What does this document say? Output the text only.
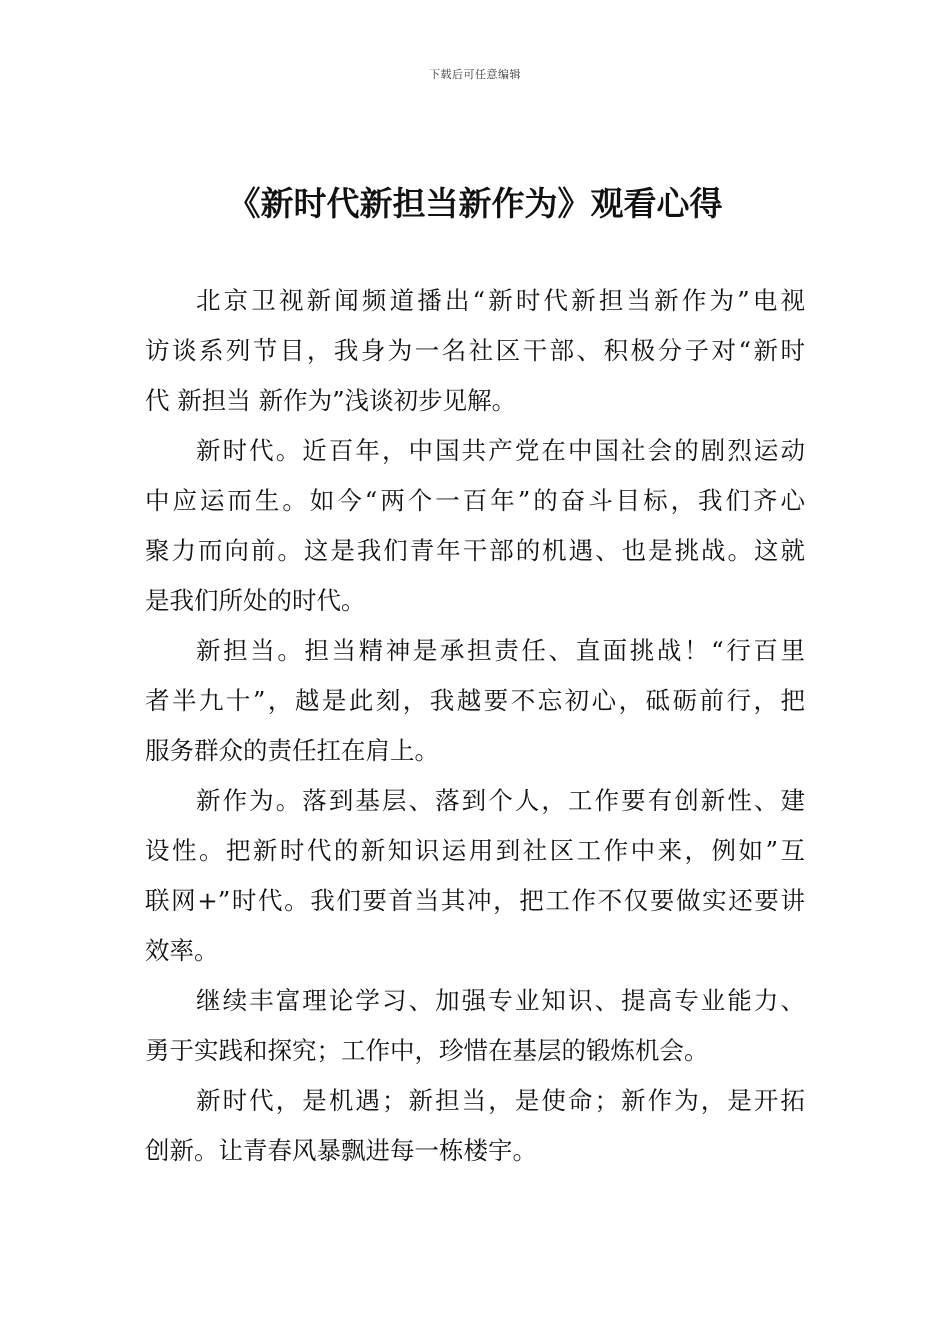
下载后可任意编辑
《新时代新担当新作为》观看心得
北京卫视新闻频道播出“新时代新担当新作为”电视
访谈系列节目，我身为一名社区干部、积极分子对“新时
代 新担当 新作为”浅谈初步见解。
新时代。近百年，中国共产党在中国社会的剧烈运动
中应运而生。如今“两个一百年”的奋斗目标，我们齐心
聚力而向前。这是我们青年干部的机遇、也是挑战。这就
是我们所处的时代。
新担当。担当精神是承担责任、直面挑战！“行百里
者半九十”，越是此刻，我越要不忘初心，砥砺前行，把
服务群众的责任扛在肩上。
新作为。落到基层、落到个人，工作要有创新性、建
设性。把新时代的新知识运用到社区工作中来，例如”互
联网+”时代。我们要首当其冲，把工作不仅要做实还要讲
效率。
继续丰富理论学习、加强专业知识、提高专业能力、
勇于实践和探究；工作中，珍惜在基层的锻炼机会。
新时代，是机遇；新担当，是使命；新作为，是开拓
创新。让青春风暴飘进每一栋楼宇。
